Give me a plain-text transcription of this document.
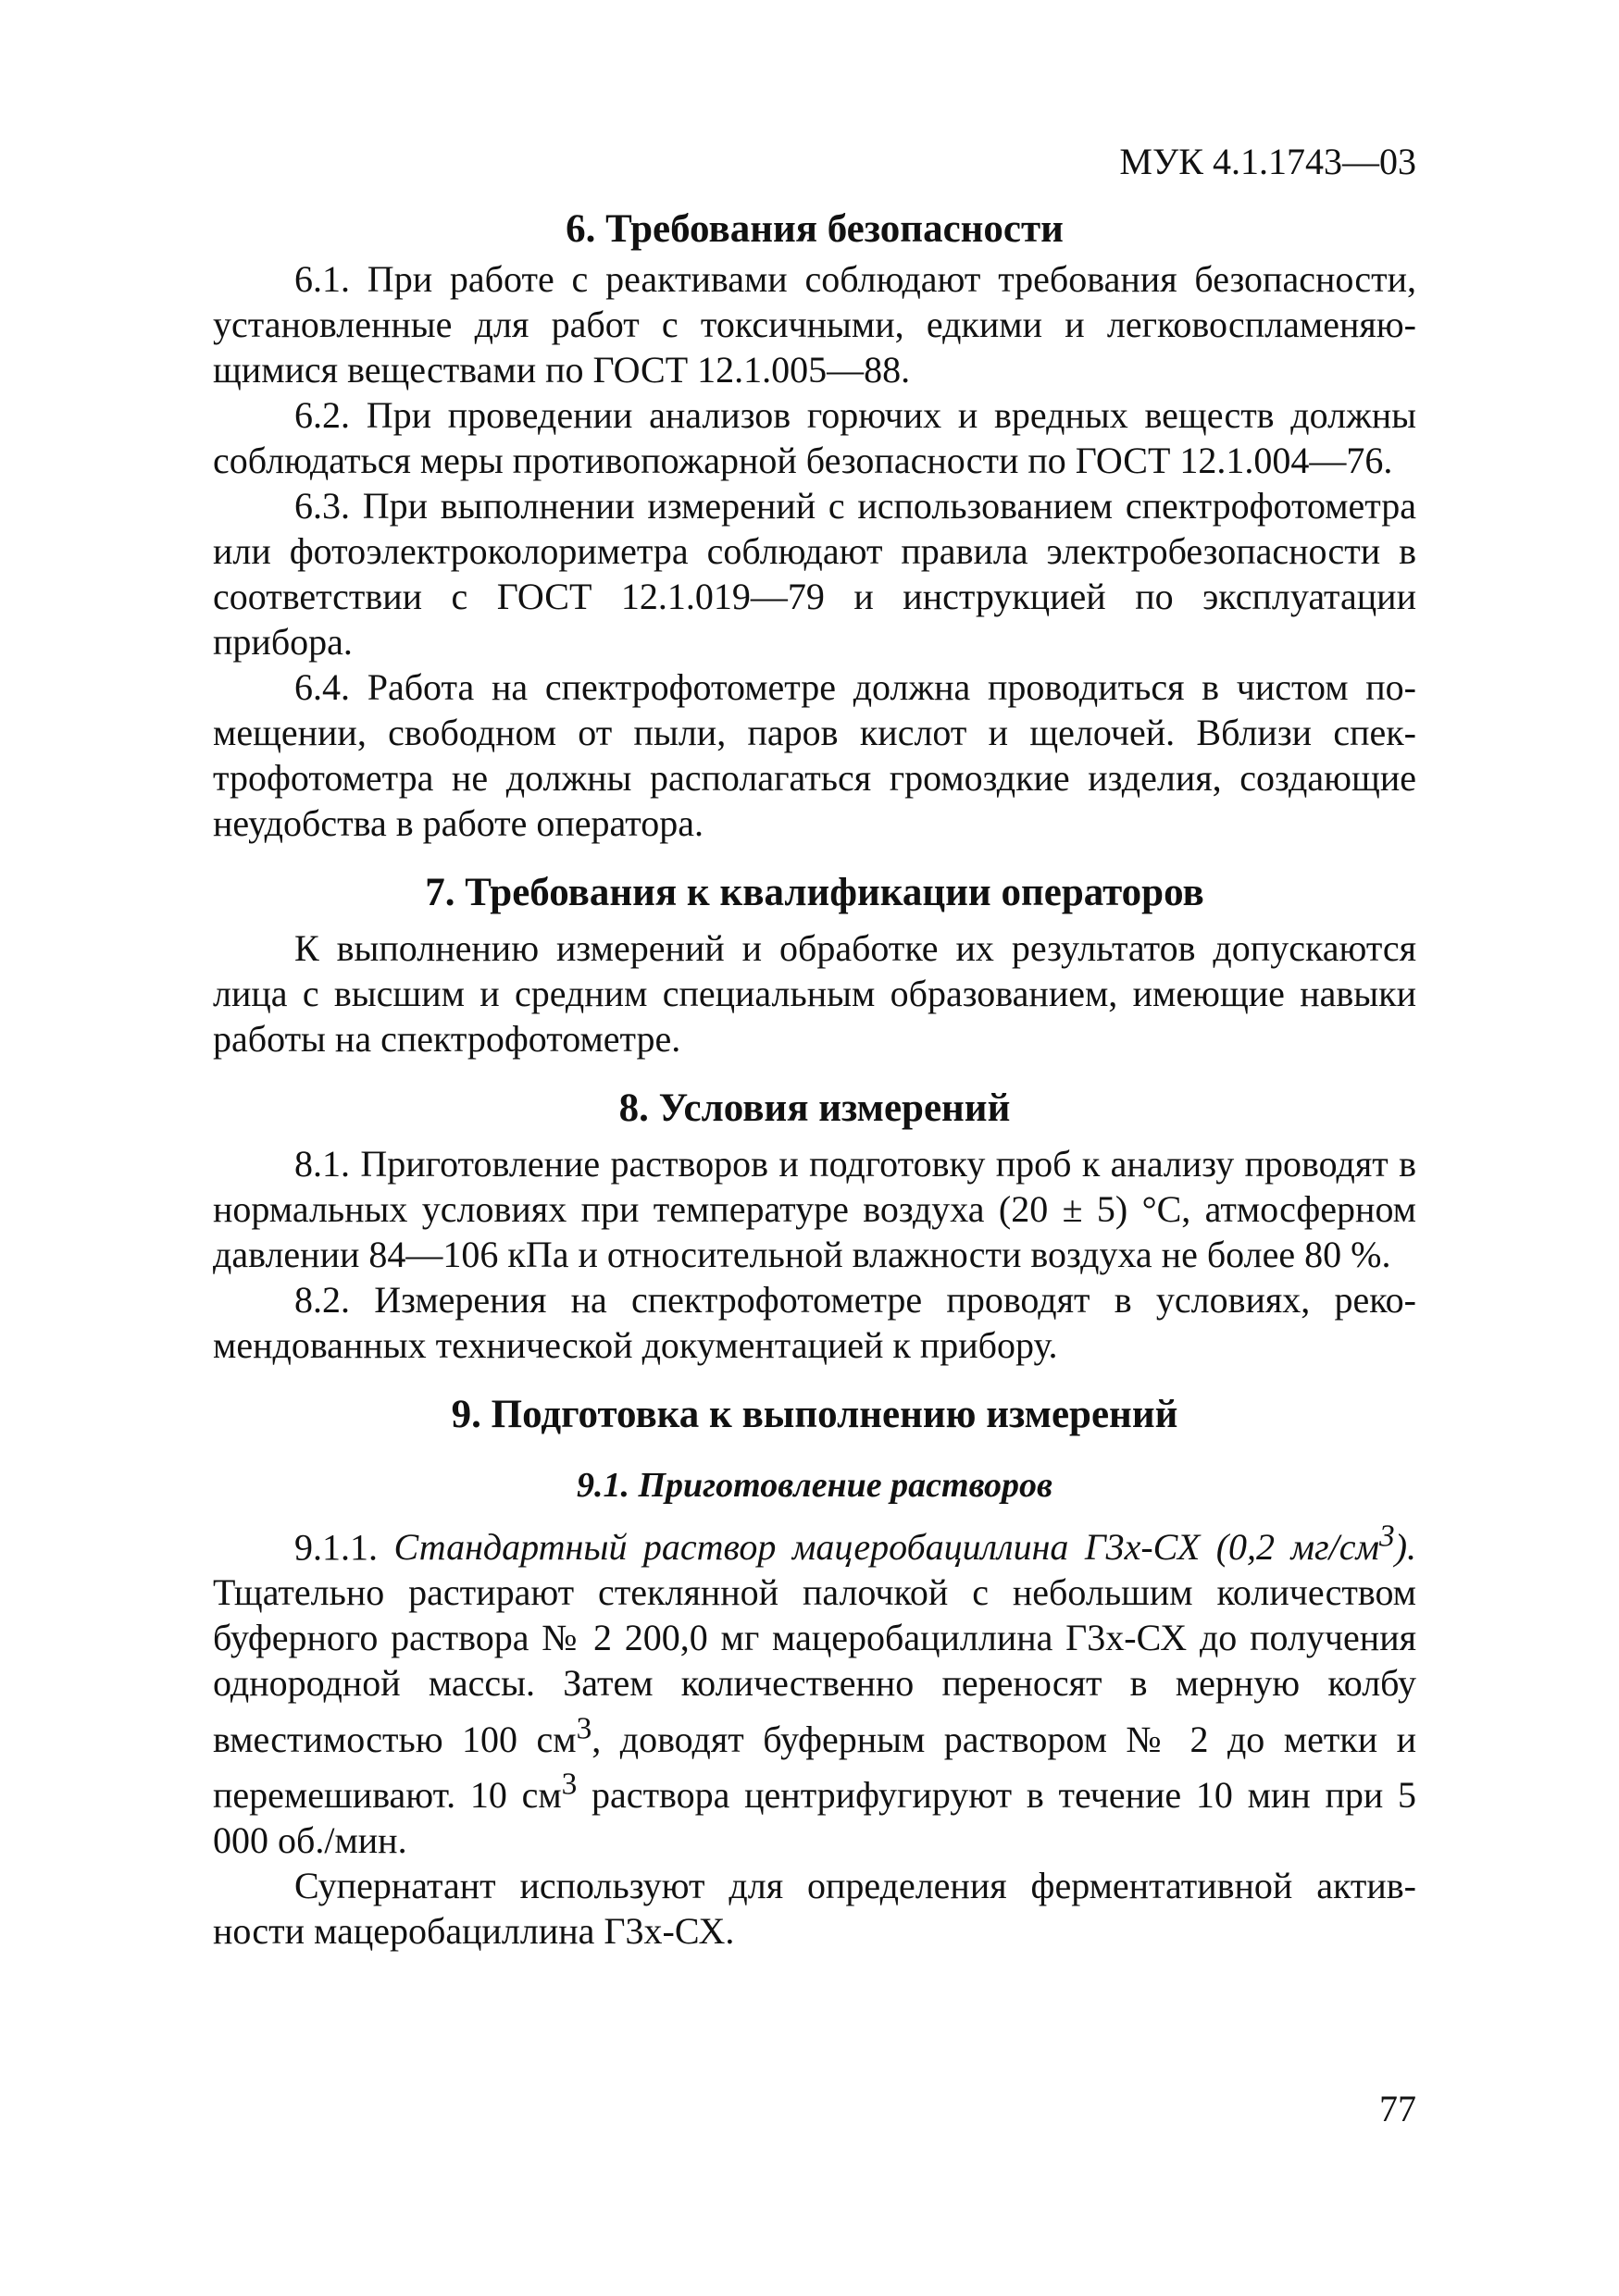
МУК 4.1.1743—03
6. Требования безопасности

6.1. При работе с реактивами соблюдают требования безопасности, установленные для работ с токсичными, едкими и легковоспламеняющимися веществами по ГОСТ 12.1.005—88.

6.2. При проведении анализов горючих и вредных веществ должны соблюдаться меры противопожарной безопасности по ГОСТ 12.1.004—76.

6.3. При выполнении измерений с использованием спектрофотометра или фотоэлектроколориметра соблюдают правила электробезопасности в соответствии с ГОСТ 12.1.019—79 и инструкцией по эксплуатации прибора.

6.4. Работа на спектрофотометре должна проводиться в чистом помещении, свободном от пыли, паров кислот и щелочей. Вблизи спектрофотометра не должны располагаться громоздкие изделия, создающие неудобства в работе оператора.

7. Требования к квалификации операторов

К выполнению измерений и обработке их результатов допускаются лица с высшим и средним специальным образованием, имеющие навыки работы на спектрофотометре.

8. Условия измерений

8.1. Приготовление растворов и подготовку проб к анализу проводят в нормальных условиях при температуре воздуха (20 ± 5) °С, атмосферном давлении 84—106 кПа и относительной влажности воздуха не более 80 %.

8.2. Измерения на спектрофотометре проводят в условиях, рекомендованных технической документацией к прибору.

9. Подготовка к выполнению измерений
9.1. Приготовление растворов

9.1.1. Стандартный раствор мацеробациллина Г3х-СХ (0,2 $мг/см^3$). Тщательно растирают стеклянной палочкой с небольшим количеством буферного раствора № 2 200,0 мг мацеробациллина Г3х-СХ до получения однородной массы. Затем количественно переносят в мерную колбу вместимостью 100 $см^3$, доводят буферным раствором № 2 до метки и перемешивают. 10 $см^3$ раствора центрифугируют в течение 10 мин при 5 000 об./мин.

Супернатант используют для определения ферментативной активности мацеробациллина Г3х-СХ.

77
